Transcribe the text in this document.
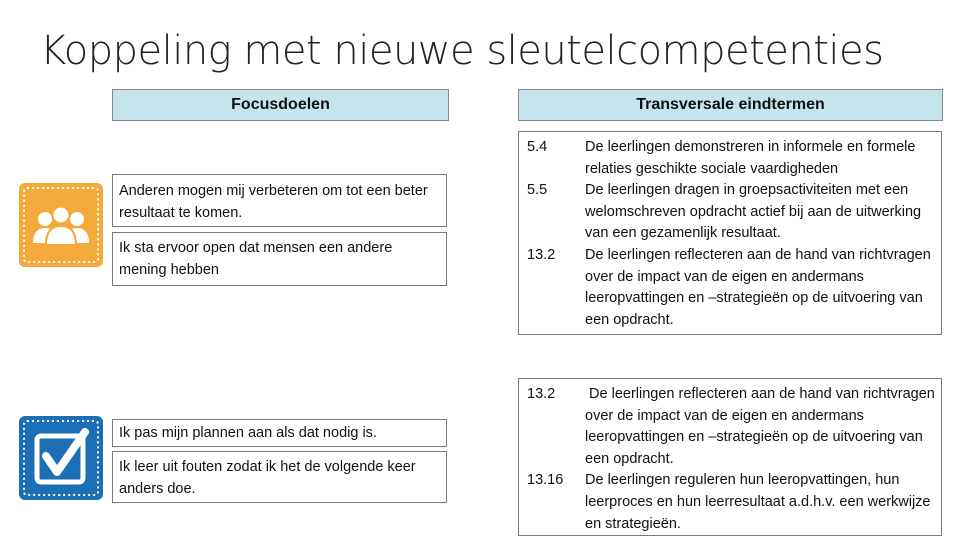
Koppeling met nieuwe sleutelcompetenties
Focusdoelen	Transversale eindtermen
Anderen mogen mij verbeteren om tot een beter resultaat te komen.
Ik sta ervoor open dat mensen een andere mening hebben
5.4	De leerlingen demonstreren in informele en formele relaties geschikte sociale vaardigheden
5.5	De leerlingen dragen in groepsactiviteiten met een welomschreven opdracht actief bij aan de uitwerking van een gezamenlijk resultaat.
13.2	De leerlingen reflecteren aan de hand van richtvragen over de impact van de eigen en andermans leeropvattingen en –strategieën op de uitvoering van een opdracht.
Ik pas mijn plannen aan als dat nodig is.
Ik leer uit fouten zodat ik het de volgende keer anders doe.
13.2	De leerlingen reflecteren aan de hand van richtvragen over de impact van de eigen en andermans leeropvattingen en –strategieën op de uitvoering van een opdracht.
13.16	De leerlingen reguleren hun leeropvattingen, hun leerproces en hun leerresultaat a.d.h.v. een werkwijze en strategieën.
